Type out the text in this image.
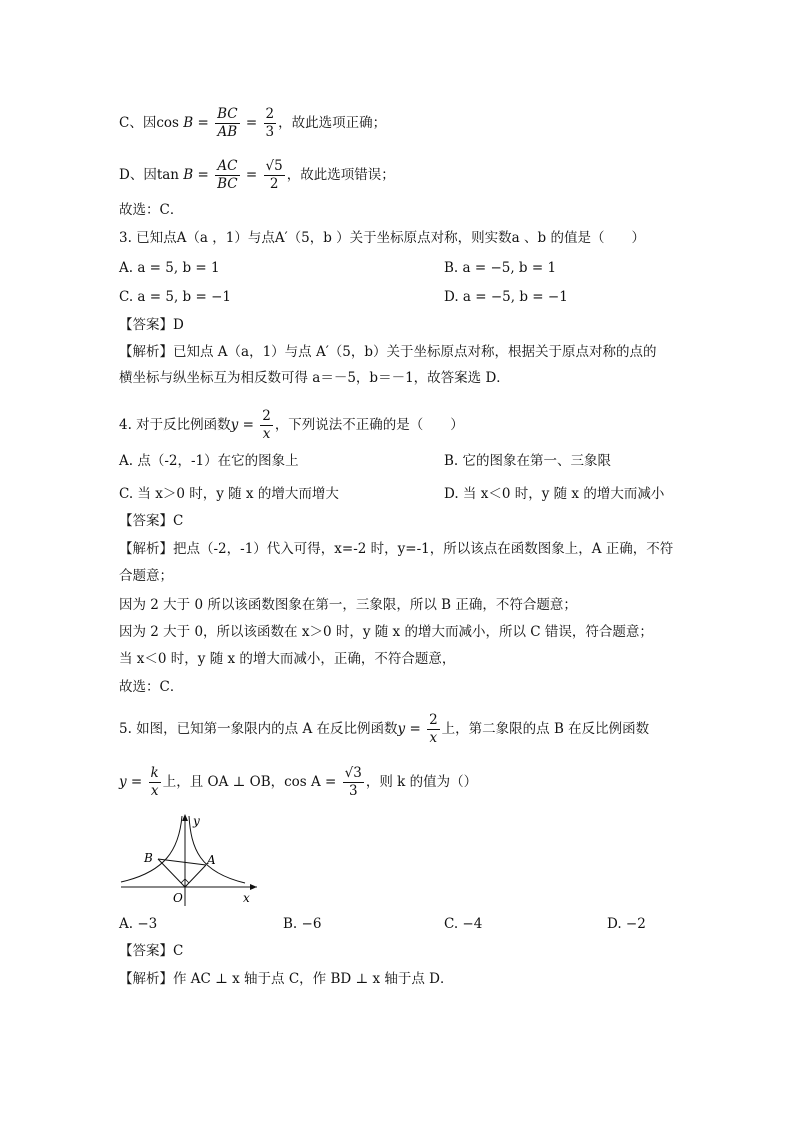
C、因$\cos B = \frac{BC}{AB} = \frac{2}{3}$ ，故此选项正确；
D、因$\tan B = \frac{AC}{BC} = \frac{√5}{2}$ ，故此选项错误；
故选：C．
3. 已知点A（a ，1）与点A′（5，b ）关于坐标原点对称，则实数a 、b 的值是（　　）
A. a = 5, b = 1	B. a = −5, b = 1
C. a = 5, b = −1	D. a = −5, b = −1
【答案】D
【解析】已知点 A（a，1）与点 A′（5，b）关于坐标原点对称，根据关于原点对称的点的
横坐标与纵坐标互为相反数可得 a＝－5，b＝－1，故答案选 D．
4. 对于反比例函数$y = \frac{2}{x}$ ，下列说法不正确的是（　　）
A. 点（-2，-1）在它的图象上	B. 它的图象在第一、三象限
C. 当 x＞0 时，y 随 x 的增大而增大	D. 当 x＜0 时，y 随 x 的增大而减小
【答案】C
【解析】把点（-2，-1）代入可得，x=-2 时，y=-1，所以该点在函数图象上，A 正确，不符
合题意；
因为 2 大于 0 所以该函数图象在第一，三象限，所以 B 正确，不符合题意；
因为 2 大于 0，所以该函数在 x＞0 时，y 随 x 的增大而减小，所以 C 错误，符合题意；
当 x＜0 时，y 随 x 的增大而减小，正确，不符合题意，
故选：C．
5. 如图，已知第一象限内的点 A 在反比例函数$y = \frac{2}{x}$ 上，第二象限的点 B 在反比例函数
$y = \frac{k}{x}$ 上，且 OA ⊥ OB，$\cos A = \frac{√3}{3}$ ，则 k 的值为（）
y
x
O
A
B
A. −3	B. −6	C. −4	D. −2
【答案】C
【解析】作 AC ⊥ x 轴于点 C，作 BD ⊥ x 轴于点 D．
